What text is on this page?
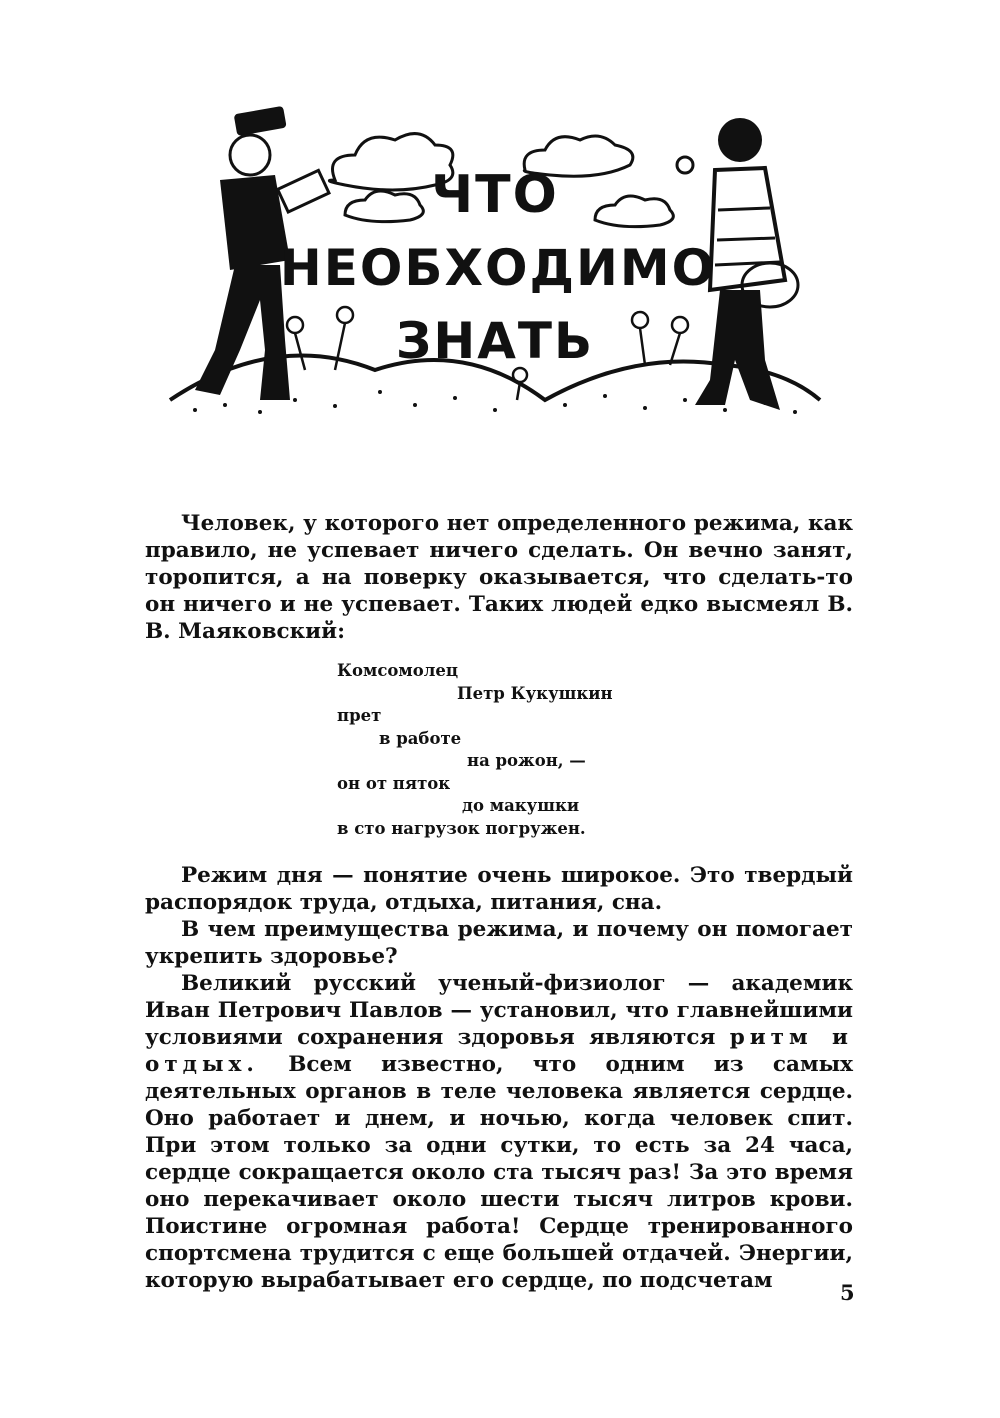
ЧТО
НЕОБХОДИМО
ЗНАТЬ

Человек, у которого нет определенного режима, как правило, не успевает ничего сделать. Он вечно занят, торопится, а на поверку оказывается, что сделать-то он ничего и не успевает. Таких людей едко высмеял В. В. Маяковский:

Комсомолец
Петр Кукушкин
прет
в работе
на рожон, —
он от пяток
до макушки
в сто нагрузок погружен.

Режим дня — понятие очень широкое. Это твердый распорядок труда, отдыха, питания, сна.

В чем преимущества режима, и почему он помогает укрепить здоровье?

Великий русский ученый-физиолог — академик Иван Петрович Павлов — установил, что главнейшими условиями сохранения здоровья являются ритм и отдых. Всем известно, что одним из самых деятельных органов в теле человека является сердце. Оно работает и днем, и ночью, когда человек спит. При этом только за одни сутки, то есть за 24 часа, сердце сокращается около ста тысяч раз! За это время оно перекачивает около шести тысяч литров крови. Поистине огромная работа! Сердце тренированного спортсмена трудится с еще большей отдачей. Энергии, которую вырабатывает его сердце, по подсчетам	5
